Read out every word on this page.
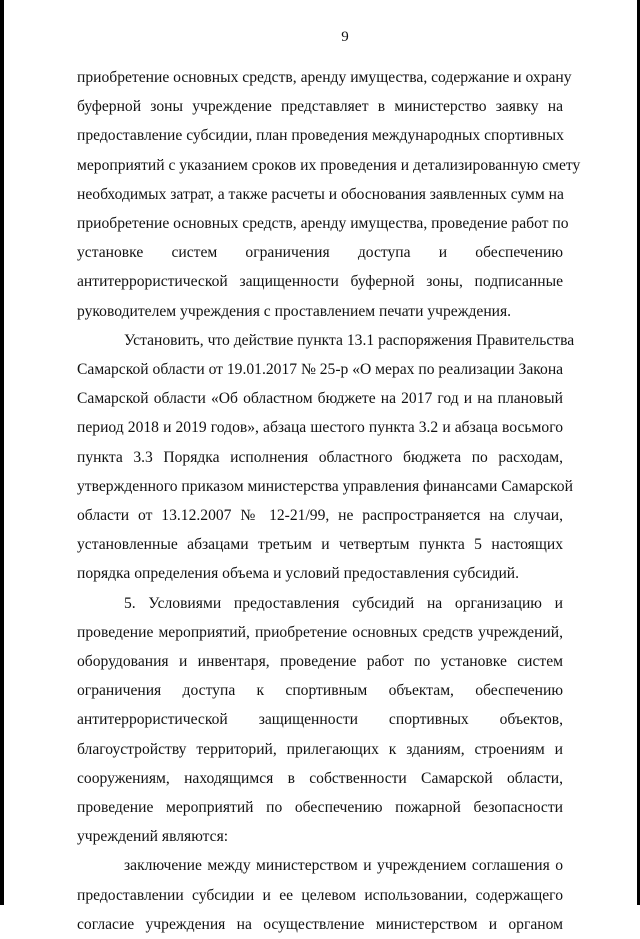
9

приобретение основных средств, аренду имущества, содержание и охрану
буферной зоны учреждение представляет в министерство заявку на
предоставление субсидии, план проведения международных спортивных
мероприятий с указанием сроков их проведения и детализированную смету
необходимых затрат, а также расчеты и обоснования заявленных сумм на
приобретение основных средств, аренду имущества, проведение работ по
установке систем ограничения доступа и обеспечению
антитеррористической защищенности буферной зоны, подписанные
руководителем учреждения с проставлением печати учреждения.

Установить, что действие пункта 13.1 распоряжения Правительства
Самарской области от 19.01.2017 № 25-р «О мерах по реализации Закона
Самарской области «Об областном бюджете на 2017 год и на плановый
период 2018 и 2019 годов», абзаца шестого пункта 3.2 и абзаца восьмого
пункта 3.3 Порядка исполнения областного бюджета по расходам,
утвержденного приказом министерства управления финансами Самарской
области от 13.12.2007 № 12-21/99, не распространяется на случаи,
установленные абзацами третьим и четвертым пункта 5 настоящих
порядка определения объема и условий предоставления субсидий.

5. Условиями предоставления субсидий на организацию и
проведение мероприятий, приобретение основных средств учреждений,
оборудования и инвентаря, проведение работ по установке систем
ограничения доступа к спортивным объектам, обеспечению
антитеррористической защищенности спортивных объектов,
благоустройству территорий, прилегающих к зданиям, строениям и
сооружениям, находящимся в собственности Самарской области,
проведение мероприятий по обеспечению пожарной безопасности
учреждений являются:

заключение между министерством и учреждением соглашения о
предоставлении субсидии и ее целевом использовании, содержащего
согласие учреждения на осуществление министерством и органом
